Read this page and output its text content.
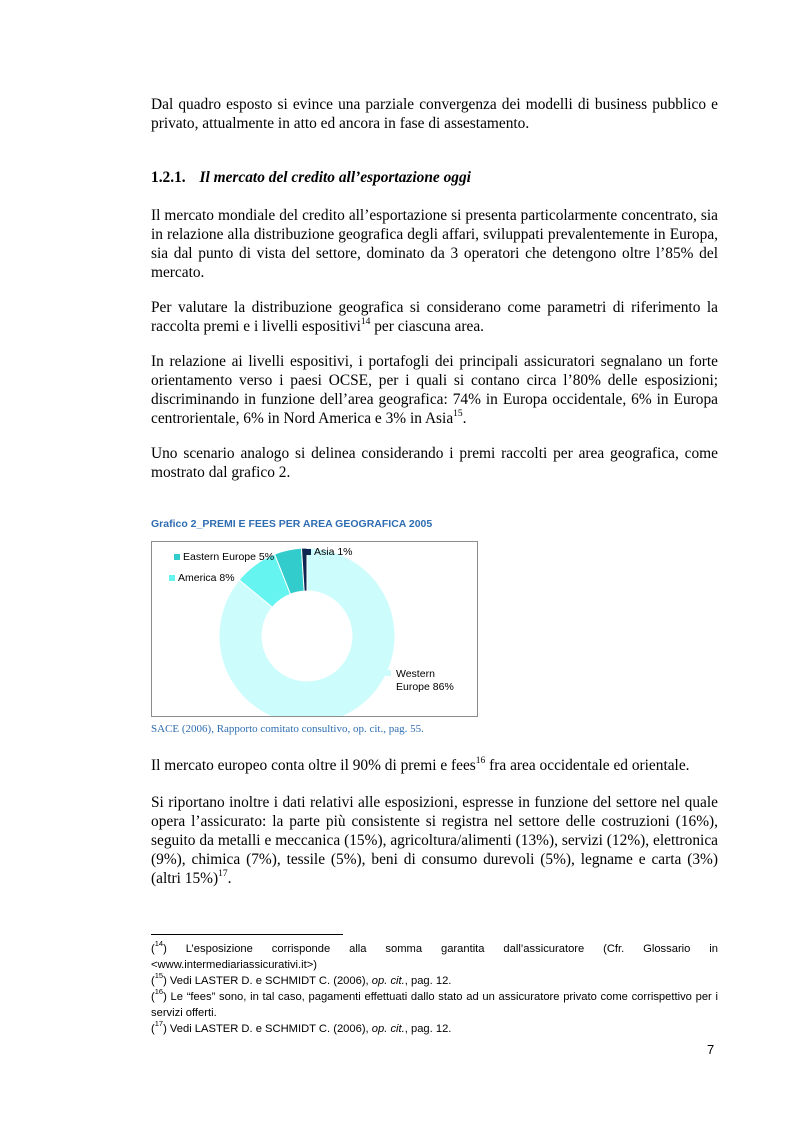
Dal quadro esposto si evince una parziale convergenza dei modelli di business pubblico e privato, attualmente in atto ed ancora in fase di assestamento.

1.2.1. Il mercato del credito all’esportazione oggi

Il mercato mondiale del credito all’esportazione si presenta particolarmente concentrato, sia in relazione alla distribuzione geografica degli affari, sviluppati prevalentemente in Europa, sia dal punto di vista del settore, dominato da 3 operatori che detengono oltre l’85% del mercato.

Per valutare la distribuzione geografica si considerano come parametri di riferimento la raccolta premi e i livelli espositivi$^{14}$ per ciascuna area.

In relazione ai livelli espositivi, i portafogli dei principali assicuratori segnalano un forte orientamento verso i paesi OCSE, per i quali si contano circa l’80% delle esposizioni; discriminando in funzione dell’area geografica: 74% in Europa occidentale, 6% in Europa centrorientale, 6% in Nord America e 3% in Asia$^{15}$.

Uno scenario analogo si delinea considerando i premi raccolti per area geografica, come mostrato dal grafico 2.

Grafico 2_PREMI E FEES PER AREA GEOGRAFICA 2005

Eastern Europe 5%	Asia 1%
America 8%
Western
Europe 86%

SACE (2006), Rapporto comitato consultivo, op. cit., pag. 55.

Il mercato europeo conta oltre il 90% di premi e fees$^{16}$ fra area occidentale ed orientale.

Si riportano inoltre i dati relativi alle esposizioni, espresse in funzione del settore nel quale opera l’assicurato: la parte più consistente si registra nel settore delle costruzioni (16%), seguito da metalli e meccanica (15%), agricoltura/alimenti (13%), servizi (12%), elettronica (9%), chimica (7%), tessile (5%), beni di consumo durevoli (5%), legname e carta (3%) (altri 15%)$^{17}$.

($^{14}$) L’esposizione corrisponde alla somma garantita dall’assicuratore (Cfr. Glossario in <www.intermediariassicurativi.it>)

($^{15}$) Vedi LASTER D. e SCHMIDT C. (2006), op. cit., pag. 12.

($^{16}$) Le “fees” sono, in tal caso, pagamenti effettuati dallo stato ad un assicuratore privato come corrispettivo per i servizi offerti.

($^{17}$) Vedi LASTER D. e SCHMIDT C. (2006), op. cit., pag. 12.

7
